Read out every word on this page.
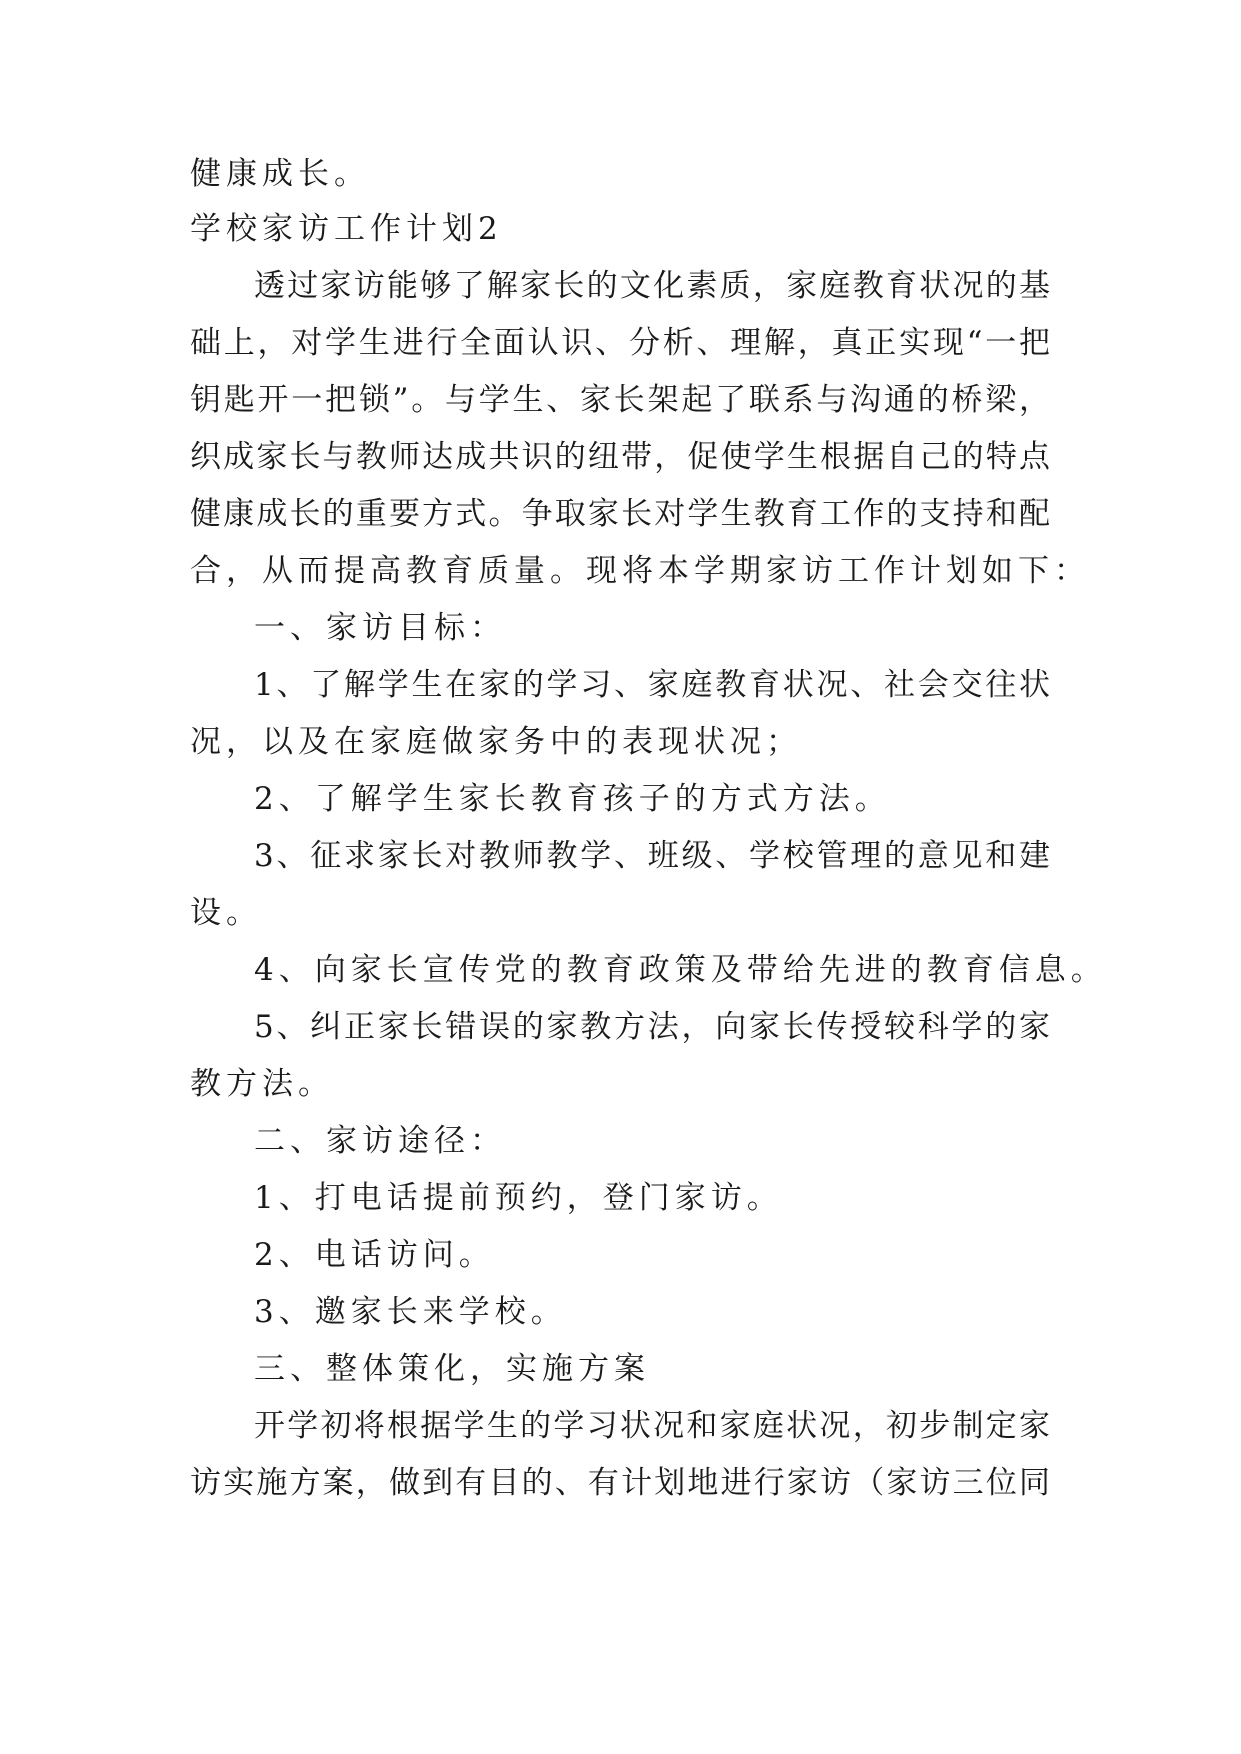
健康成长。
学校家访工作计划2
透过家访能够了解家长的文化素质，家庭教育状况的基
础上，对学生进行全面认识、分析、理解，真正实现“一把
钥匙开一把锁”。与学生、家长架起了联系与沟通的桥梁，
织成家长与教师达成共识的纽带，促使学生根据自己的特点
健康成长的重要方式。争取家长对学生教育工作的支持和配
合，从而提高教育质量。现将本学期家访工作计划如下：
一、家访目标：
1、了解学生在家的学习、家庭教育状况、社会交往状
况，以及在家庭做家务中的表现状况；
2、了解学生家长教育孩子的方式方法。
3、征求家长对教师教学、班级、学校管理的意见和建
设。
4、向家长宣传党的教育政策及带给先进的教育信息。
5、纠正家长错误的家教方法，向家长传授较科学的家
教方法。
二、家访途径：
1、打电话提前预约，登门家访。
2、电话访问。
3、邀家长来学校。
三、整体策化，实施方案
开学初将根据学生的学习状况和家庭状况，初步制定家
访实施方案，做到有目的、有计划地进行家访（家访三位同
